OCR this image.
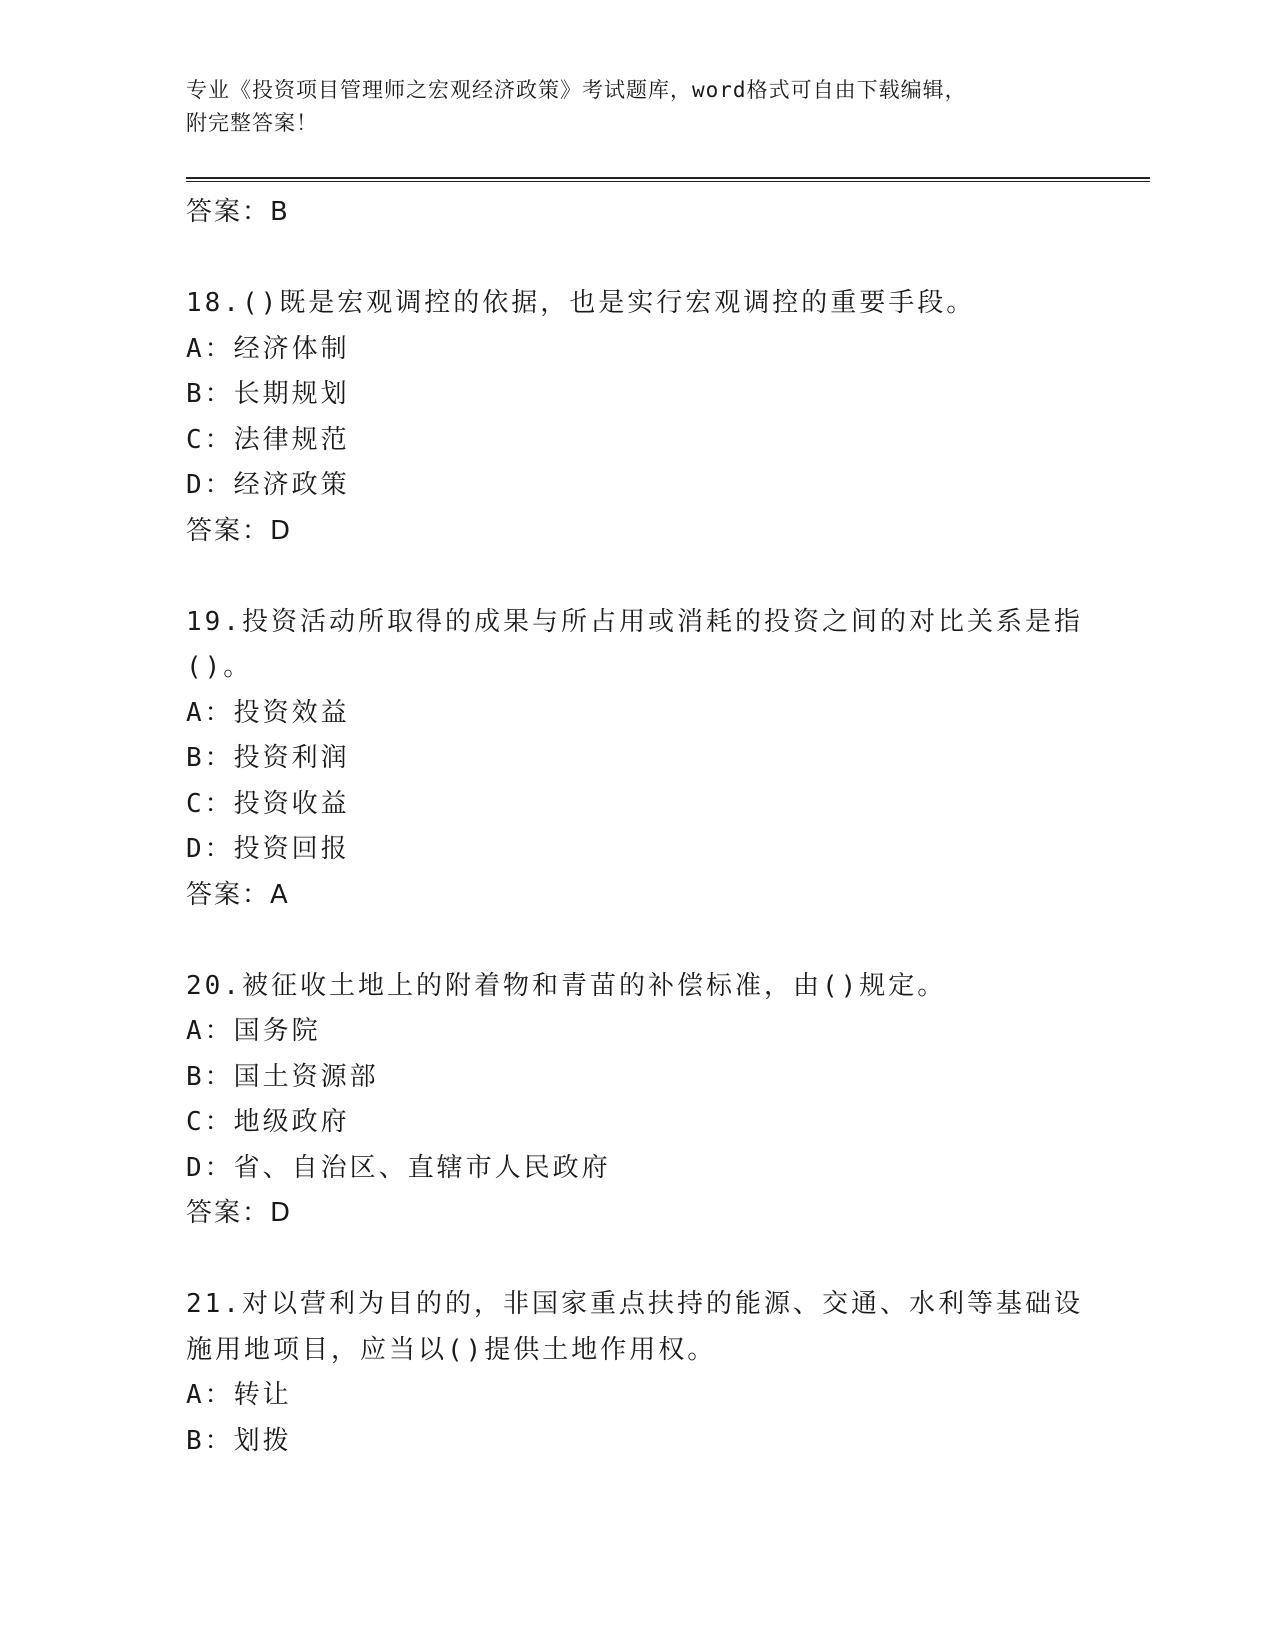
专业《投资项目管理师之宏观经济政策》考试题库，word格式可自由下载编辑，
附完整答案！
答案：B
18.()既是宏观调控的依据，也是实行宏观调控的重要手段。
A：经济体制
B：长期规划
C：法律规范
D：经济政策
答案：D
19.投资活动所取得的成果与所占用或消耗的投资之间的对比关系是指
()。
A：投资效益
B：投资利润
C：投资收益
D：投资回报
答案：A
20.被征收土地上的附着物和青苗的补偿标准，由()规定。
A：国务院
B：国土资源部
C：地级政府
D：省、自治区、直辖市人民政府
答案：D
21.对以营利为目的的，非国家重点扶持的能源、交通、水利等基础设
施用地项目，应当以()提供土地作用权。
A：转让
B：划拨
